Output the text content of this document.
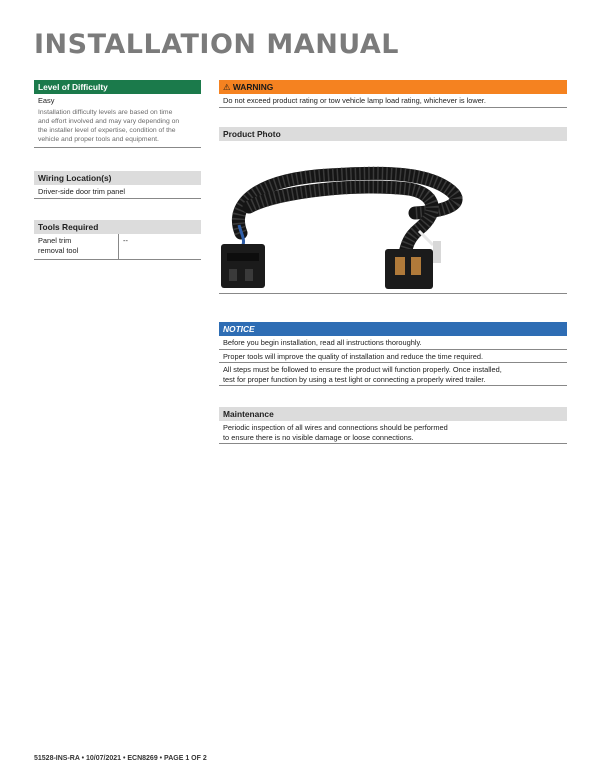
INSTALLATION MANUAL
Level of Difficulty
Easy
Installation difficulty levels are based on time
and effort involved and may vary depending on
the installer level of expertise, condition of the
vehicle and proper tools and equipment.
Wiring Location(s)
Driver-side door trim panel
Tools Required
Panel trim
removal tool
--
⚠ WARNING
Do not exceed product rating or tow vehicle lamp load rating, whichever is lower.
Product Photo
NOTICE
Before you begin installation, read all instructions thoroughly.
Proper tools will improve the quality of installation and reduce the time required.
All steps must be followed to ensure the product will function properly. Once installed,
test for proper function by using a test light or connecting a properly wired trailer.
Maintenance
Periodic inspection of all wires and connections should be performed
to ensure there is no visible damage or loose connections.
51528-INS-RA • 10/07/2021 • ECN8269 • PAGE 1 OF 2
